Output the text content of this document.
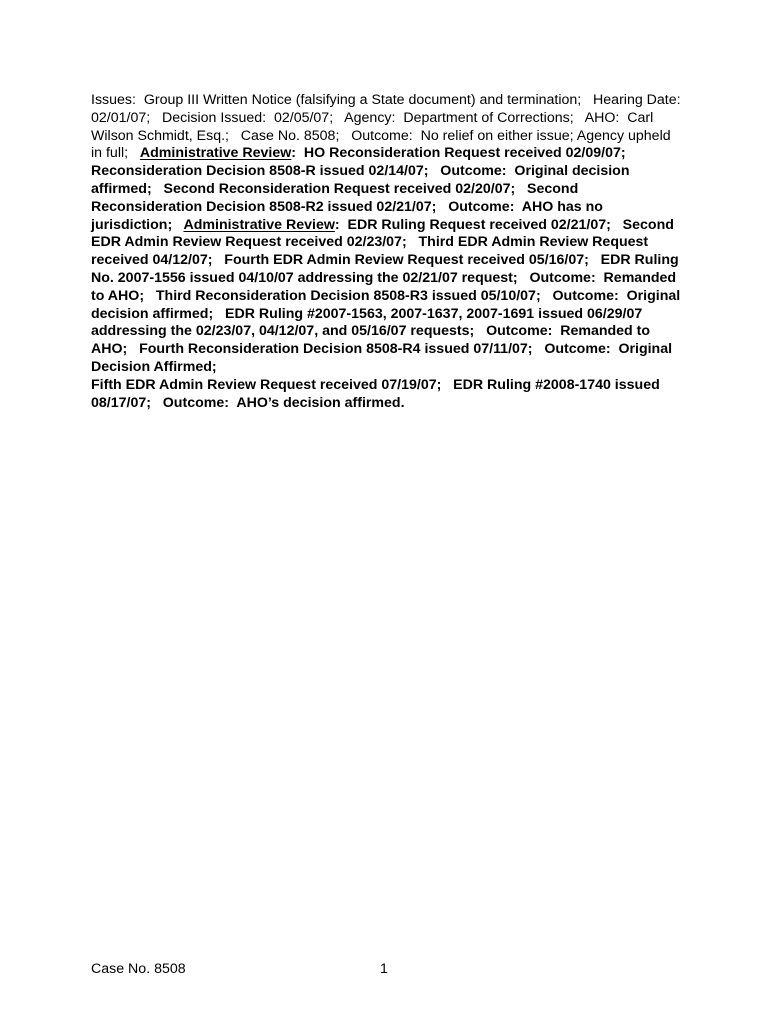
Issues:  Group III Written Notice (falsifying a State document) and termination;   Hearing Date:  02/01/07;   Decision Issued:  02/05/07;   Agency:  Department of Corrections;   AHO:  Carl Wilson Schmidt, Esq.;   Case No. 8508;   Outcome:  No relief on either issue; Agency upheld in full;   Administrative Review:  HO Reconsideration Request received 02/09/07;   Reconsideration Decision 8508-R issued 02/14/07;   Outcome:  Original decision affirmed;   Second Reconsideration Request received 02/20/07;   Second Reconsideration Decision 8508-R2 issued 02/21/07;   Outcome:  AHO has no jurisdiction;   Administrative Review:  EDR Ruling Request received 02/21/07;   Second EDR Admin Review Request received 02/23/07;   Third EDR Admin Review Request received 04/12/07;   Fourth EDR Admin Review Request received 05/16/07;   EDR Ruling No. 2007-1556 issued 04/10/07 addressing the 02/21/07 request;   Outcome:  Remanded to AHO;   Third Reconsideration Decision 8508-R3 issued 05/10/07;   Outcome:  Original decision affirmed;   EDR Ruling #2007-1563, 2007-1637, 2007-1691 issued 06/29/07 addressing the 02/23/07, 04/12/07, and 05/16/07 requests;   Outcome:  Remanded to AHO;   Fourth Reconsideration Decision 8508-R4 issued 07/11/07;   Outcome:  Original Decision Affirmed;
Fifth EDR Admin Review Request received 07/19/07;   EDR Ruling #2008-1740 issued 08/17/07;   Outcome:  AHO’s decision affirmed.

Case No. 8508	1
